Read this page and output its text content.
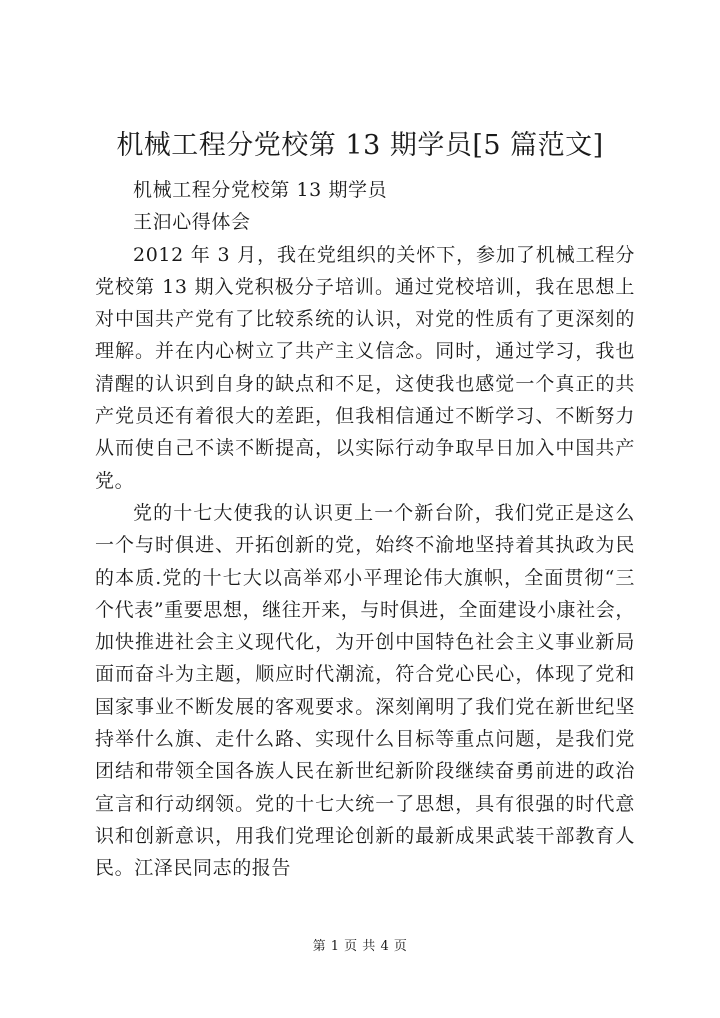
机械工程分党校第 13 期学员[5 篇范文]

机械工程分党校第 13 期学员

王汩心得体会

2012 年 3 月，我在党组织的关怀下，参加了机械工程分党校第 13 期入党积极分子培训。通过党校培训，我在思想上对中国共产党有了比较系统的认识，对党的性质有了更深刻的理解。并在内心树立了共产主义信念。同时，通过学习，我也清醒的认识到自身的缺点和不足，这使我也感觉一个真正的共产党员还有着很大的差距，但我相信通过不断学习、不断努力从而使自己不读不断提高，以实际行动争取早日加入中国共产党。

党的十七大使我的认识更上一个新台阶，我们党正是这么一个与时俱进、开拓创新的党，始终不渝地坚持着其执政为民的本质.党的十七大以高举邓小平理论伟大旗帜，全面贯彻“三个代表”重要思想，继往开来，与时俱进，全面建设小康社会，加快推进社会主义现代化，为开创中国特色社会主义事业新局面而奋斗为主题，顺应时代潮流，符合党心民心，体现了党和国家事业不断发展的客观要求。深刻阐明了我们党在新世纪坚持举什么旗、走什么路、实现什么目标等重点问题，是我们党团结和带领全国各族人民在新世纪新阶段继续奋勇前进的政治宣言和行动纲领。党的十七大统一了思想，具有很强的时代意识和创新意识，用我们党理论创新的最新成果武装干部教育人民。江泽民同志的报告

第 1 页 共 4 页
